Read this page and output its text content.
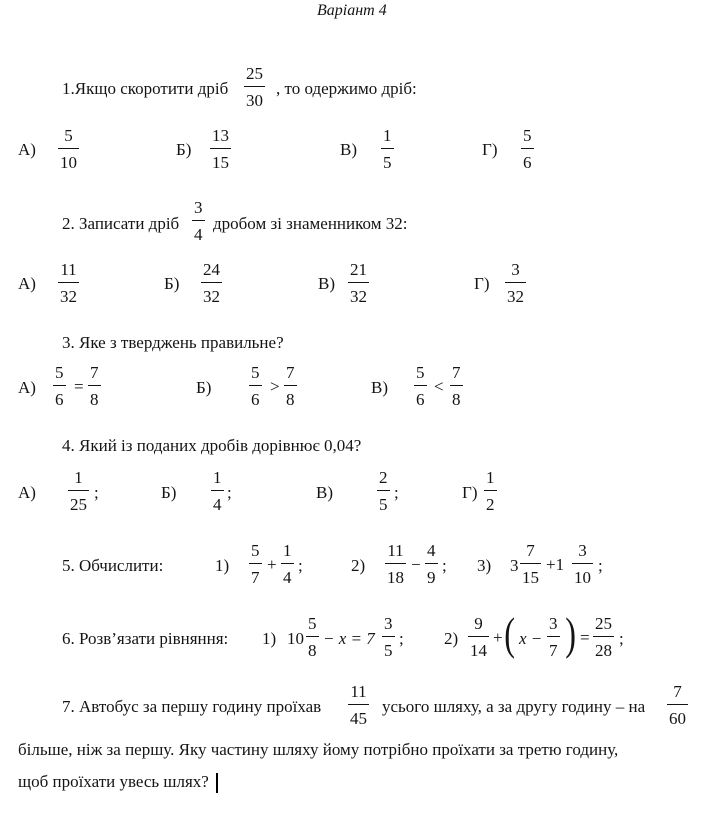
Варіант 4
1.Якщо скоротити дріб
25
30
, то одержимо дріб:
А)
5
10
Б)
13
15
В)
1
5
Г)
5
6
2. Записати дріб
3
4
дробом зі знаменником 32:
А)
11
32
Б)
24
32
В)
21
32
Г)
3
32
3. Яке з тверджень правильне?
А)
5
6
=
7
8
Б)
5
6
>
7
8
В)
5
6
<
7
8
4. Який із поданих дробів дорівнює 0,04?
А)
1
25
;	Б)
1
4
;	В)
2
5
;	Г)
1
2
5. Обчислити:	1)
5
7
+
1
4
;	2)
11
18
−
4
9
; 3) 3
7
15
+1
3
10
;
6. Розв’язати рівняння: 1) 10
5
8
− x = 7
3
5
; 2)
9
14
+ ( x −
3
7 ) =
25
28
;
7. Автобус за першу годину проїхав
11
45
усього шляху, а за другу годину – на
7
60
більше, ніж за першу. Яку частину шляху йому потрібно проїхати за третю годину,
щоб проїхати увесь шлях?
